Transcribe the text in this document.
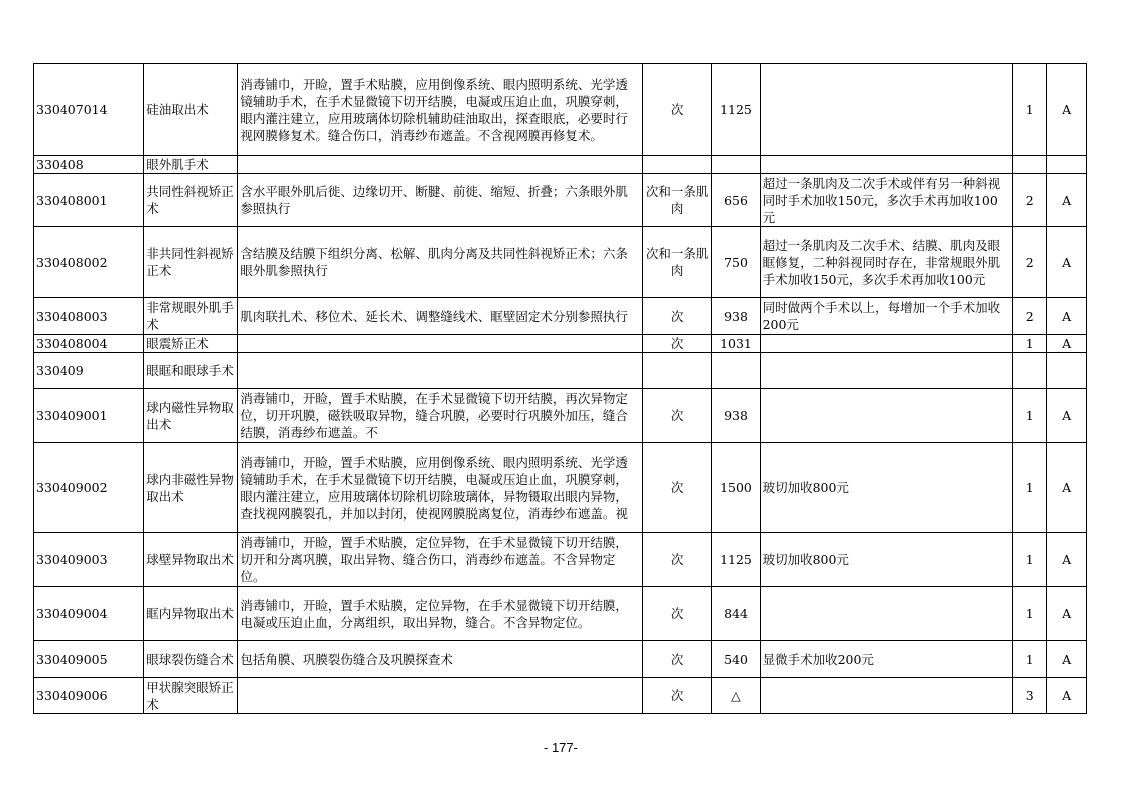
330407014	硅油取出术	消毒铺巾，开睑，置手术贴膜，应用倒像系统、眼内照明系统、光学透镜辅助手术，在手术显微镜下切开结膜，电凝或压迫止血，巩膜穿刺，眼内灌注建立，应用玻璃体切除机辅助硅油取出，探查眼底，必要时行视网膜修复术。缝合伤口，消毒纱布遮盖。不含视网膜再修复术。	次	1125		1	A

330408	眼外肌手术						

330408001	共同性斜视矫正术	含水平眼外肌后徙、边缘切开、断腱、前徙、缩短、折叠；六条眼外肌参照执行	次和一条肌肉	656	超过一条肌肉及二次手术或伴有另一种斜视同时手术加收150元，多次手术再加收100元	2	A

330408002	非共同性斜视矫正术	含结膜及结膜下组织分离、松解、肌肉分离及共同性斜视矫正术；六条眼外肌参照执行	次和一条肌肉	750	超过一条肌肉及二次手术、结膜、肌肉及眼眶修复，二种斜视同时存在，非常规眼外肌手术加收150元，多次手术再加收100元	2	A

330408003	非常规眼外肌手术	肌肉联扎术、移位术、延长术、调整缝线术、眶壁固定术分别参照执行	次	938	同时做两个手术以上，每增加一个手术加收200元	2	A

330408004	眼震矫正术		次	1031		1	A

330409	眼眶和眼球手术						

330409001	球内磁性异物取出术	消毒铺巾，开睑，置手术贴膜，在手术显微镜下切开结膜，再次异物定位，切开巩膜，磁铁吸取异物，缝合巩膜，必要时行巩膜外加压，缝合结膜，消毒纱布遮盖。不	次	938		1	A

330409002	球内非磁性异物取出术	消毒铺巾，开睑，置手术贴膜，应用倒像系统、眼内照明系统、光学透镜辅助手术，在手术显微镜下切开结膜，电凝或压迫止血，巩膜穿刺，眼内灌注建立，应用玻璃体切除机切除玻璃体，异物镊取出眼内异物，查找视网膜裂孔，并加以封闭，使视网膜脱离复位，消毒纱布遮盖。视	次	1500	玻切加收800元	1	A

330409003	球壁异物取出术	消毒铺巾，开睑，置手术贴膜，定位异物，在手术显微镜下切开结膜，切开和分离巩膜，取出异物、缝合伤口，消毒纱布遮盖。不含异物定位。	次	1125	玻切加收800元	1	A

330409004	眶内异物取出术	消毒铺巾，开睑，置手术贴膜，定位异物，在手术显微镜下切开结膜，电凝或压迫止血，分离组织，取出异物，缝合。不含异物定位。	次	844		1	A

330409005	眼球裂伤缝合术	包括角膜、巩膜裂伤缝合及巩膜探查术	次	540	显微手术加收200元	1	A

330409006	甲状腺突眼矫正术		次	△		3	A
- 177-
